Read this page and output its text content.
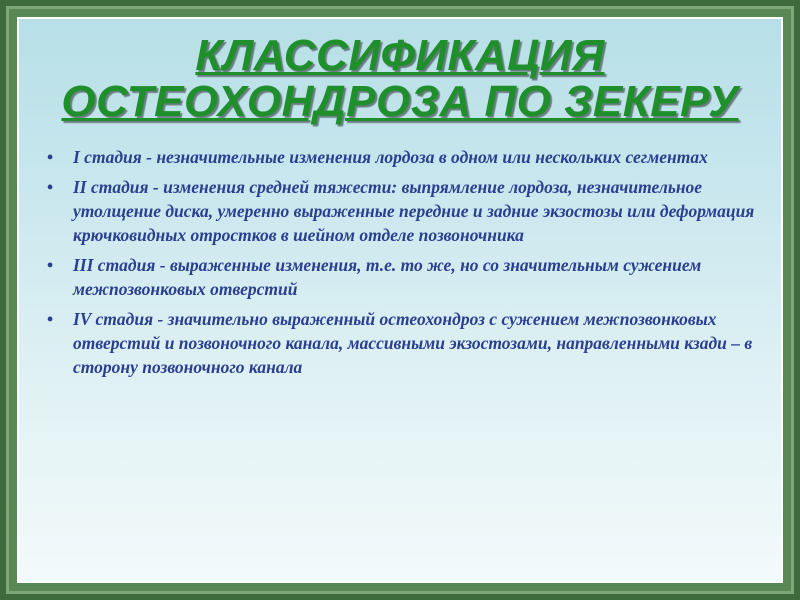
КЛАССИФИКАЦИЯ
ОСТЕОХОНДРОЗА ПО ЗЕКЕРУ
• I стадия - незначительные изменения лордоза в одном или нескольких сегментах
• II стадия - изменения средней тяжести: выпрямление лордоза, незначительное утолщение диска, умеренно выраженные передние и задние экзостозы или деформация крючковидных отростков в шейном отделе позвоночника
• III стадия - выраженные изменения, т.е. то же, но со значительным сужением межпозвонковых отверстий
• IV стадия - значительно выраженный остеохондроз с сужением межпозвонковых отверстий и позвоночного канала, массивными экзостозами, направленными кзади – в сторону позвоночного канала
